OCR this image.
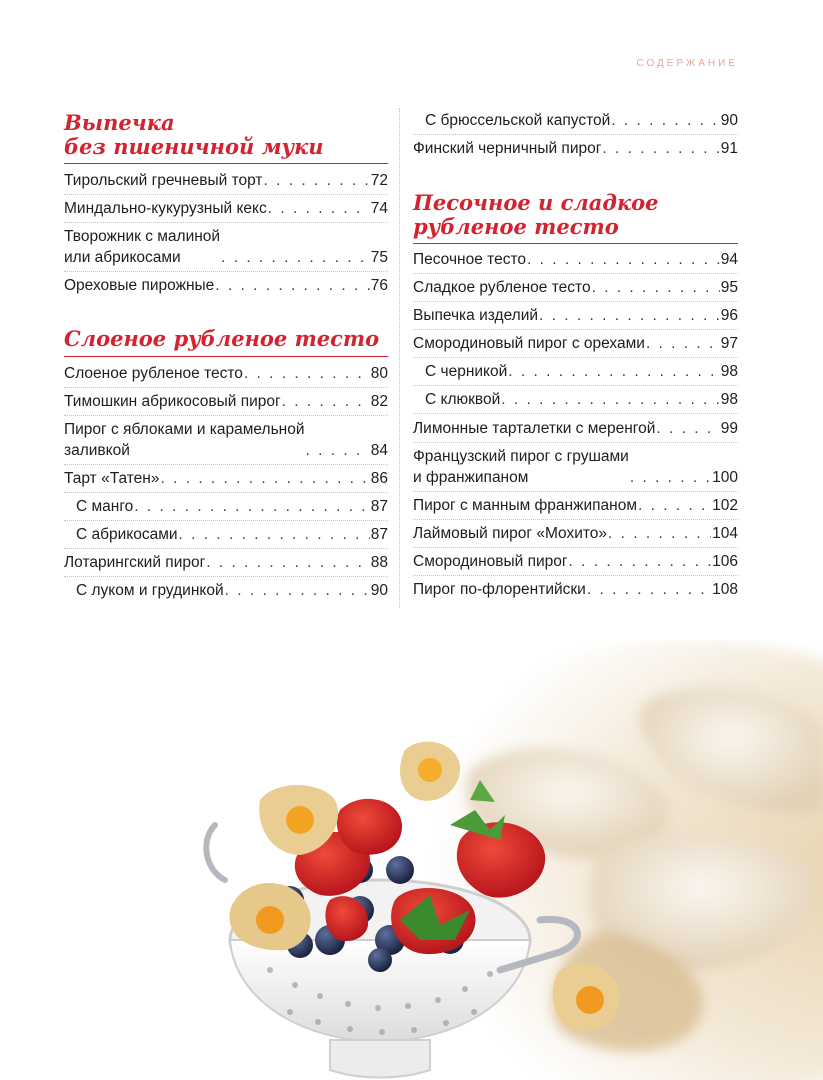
СОДЕРЖАНИЕ
Выпечка
без пшеничной муки
Тирольский гречневый торт . . .	72
Миндально-кукурузный кекс . . .	74
Творожник с малиной
или абрикосами . . .	75
Ореховые пирожные . . .	76
Слоеное рубленое тесто
Слоеное рубленое тесто . . .	80
Тимошкин абрикосовый пирог . . .	82
Пирог с яблоками и карамельной
заливкой . . .	84
Тарт «Татен» . . .	86
С манго . . .	87
С абрикосами . . .	87
Лотарингский пирог . . .	88
С луком и грудинкой . . .	90
С брюссельской капустой . . .	90
Финский черничный пирог . . .	91
Песочное и сладкое
рубленое тесто
Песочное тесто . . .	94
Сладкое рубленое тесто . . .	95
Выпечка изделий . . .	96
Смородиновый пирог с орехами . . .	97
С черникой . . .	98
С клюквой . . .	98
Лимонные тарталетки с меренгой . . .	99
Французский пирог с грушами
и франжипаном . . .	100
Пирог с манным франжипаном . . .	102
Лаймовый пирог «Мохито» . . .	104
Смородиновый пирог . . .	106
Пирог по-флорентийски . . .	108
